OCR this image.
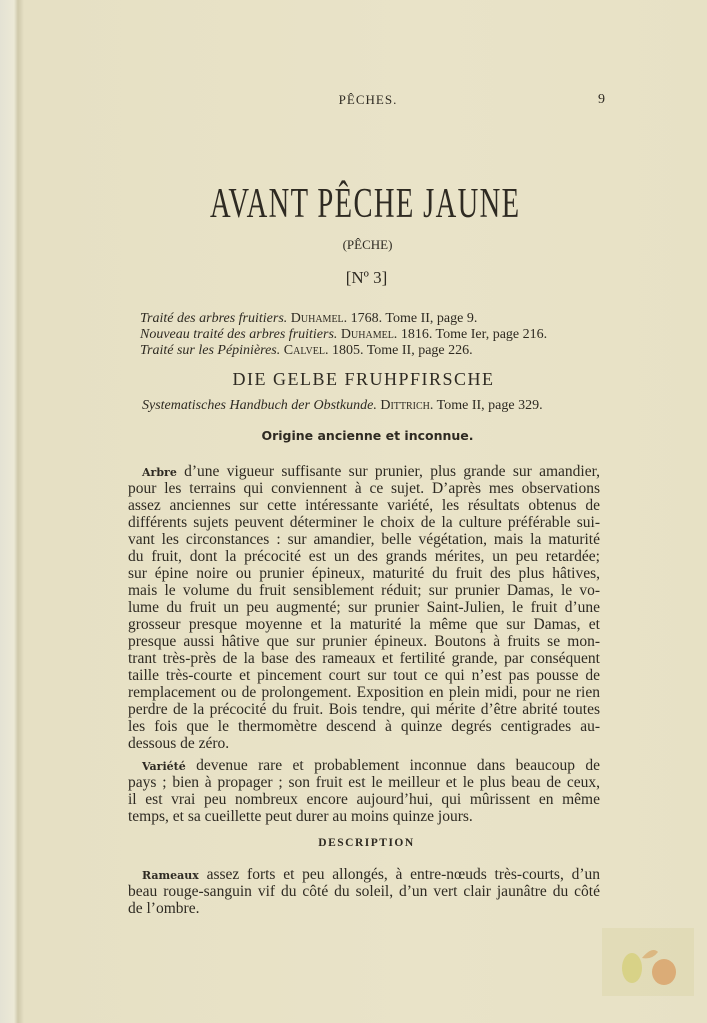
PÊCHES.	9
AVANT PÊCHE JAUNE
(PÊCHE)
[Nº 3]
Traité des arbres fruitiers. Duhamel. 1768. Tome II, page 9.
Nouveau traité des arbres fruitiers. Duhamel. 1816. Tome Ier, page 216.
Traité sur les Pépinières. Calvel. 1805. Tome II, page 226.
DIE GELBE FRUHPFIRSCHE
Systematisches Handbuch der Obstkunde. Dittrich. Tome II, page 329.
Origine ancienne et inconnue.
Arbre d’une vigueur suffisante sur prunier, plus grande sur amandier,
pour les terrains qui conviennent à ce sujet. D’après mes observations
assez anciennes sur cette intéressante variété, les résultats obtenus de
différents sujets peuvent déterminer le choix de la culture préférable sui-
vant les circonstances : sur amandier, belle végétation, mais la maturité
du fruit, dont la précocité est un des grands mérites, un peu retardée;
sur épine noire ou prunier épineux, maturité du fruit des plus hâtives,
mais le volume du fruit sensiblement réduit; sur prunier Damas, le vo-
lume du fruit un peu augmenté; sur prunier Saint-Julien, le fruit d’une
grosseur presque moyenne et la maturité la même que sur Damas, et
presque aussi hâtive que sur prunier épineux. Boutons à fruits se mon-
trant très-près de la base des rameaux et fertilité grande, par conséquent
taille très-courte et pincement court sur tout ce qui n’est pas pousse de
remplacement ou de prolongement. Exposition en plein midi, pour ne rien
perdre de la précocité du fruit. Bois tendre, qui mérite d’être abrité toutes
les fois que le thermomètre descend à quinze degrés centigrades au-
dessous de zéro.
Variété devenue rare et probablement inconnue dans beaucoup de
pays ; bien à propager ; son fruit est le meilleur et le plus beau de ceux,
il est vrai peu nombreux encore aujourd’hui, qui mûrissent en même
temps, et sa cueillette peut durer au moins quinze jours.
DESCRIPTION
Rameaux assez forts et peu allongés, à entre-nœuds très-courts, d’un
beau rouge-sanguin vif du côté du soleil, d’un vert clair jaunâtre du côté
de l’ombre.
